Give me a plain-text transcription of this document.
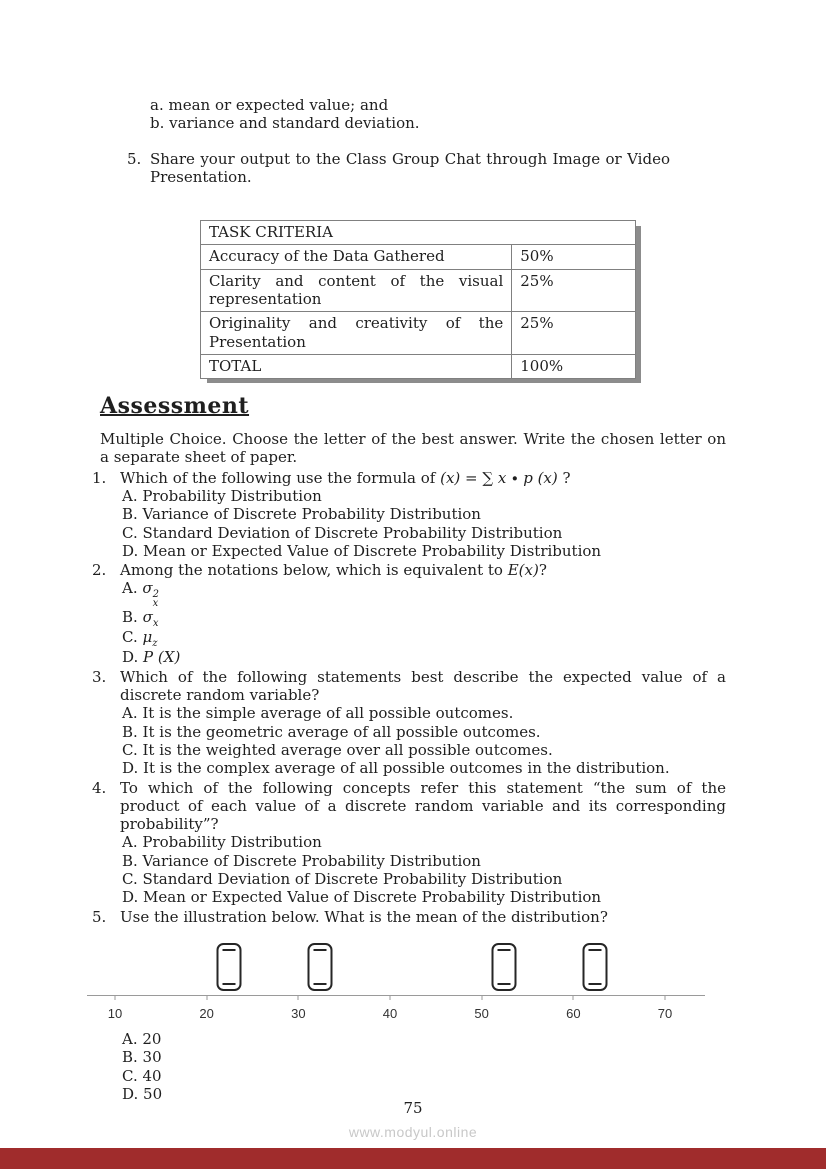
a. mean or expected value; and
b. variance and standard deviation.
5. Share your output to the Class Group Chat through Image or Video Presentation.
TASK CRITERIA	
Accuracy of the Data Gathered	50%
Clarity and content of the visual representation	25%
Originality and creativity of the Presentation	25%
TOTAL	100%
Assessment

Multiple Choice. Choose the letter of the best answer. Write the chosen letter on a separate sheet of paper.

1. Which of the following use the formula of (x) = ∑ x ∙ p (x) ?
A. Probability Distribution
B. Variance of Discrete Probability Distribution
C. Standard Deviation of Discrete Probability Distribution
D. Mean or Expected Value of Discrete Probability Distribution
2. Among the notations below, which is equivalent to E(x)?
A. σ 2
x
B. σ x
C. μ z
D. P (X)
3. Which of the following statements best describe the expected value of a discrete random variable?
A. It is the simple average of all possible outcomes.
B. It is the geometric average of all possible outcomes.
C. It is the weighted average over all possible outcomes.
D. It is the complex average of all possible outcomes in the distribution.
4. To which of the following concepts refer this statement “the sum of the product of each value of a discrete random variable and its corresponding probability”?
A. Probability Distribution
B. Variance of Discrete Probability Distribution
C. Standard Deviation of Discrete Probability Distribution
D. Mean or Expected Value of Discrete Probability Distribution
5. Use the illustration below. What is the mean of the distribution?
10	20	30	40	50	60	70
A. 20
B. 30
C. 40
D. 50
75
www.modyul.online
